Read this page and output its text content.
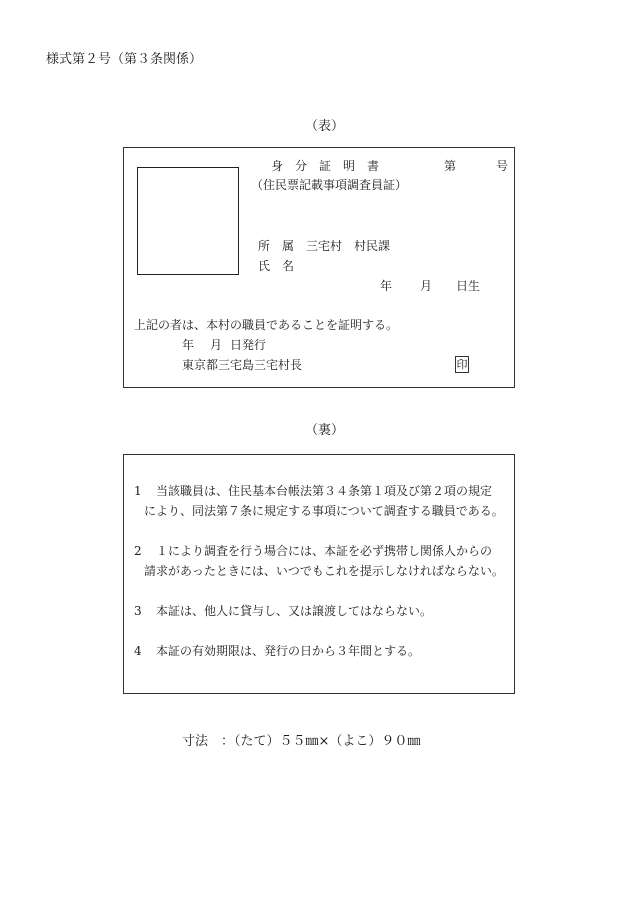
様式第２号（第３条関係）
（表）
身　分　証　明　書	第	号
（住民票記載事項調査員証）
所　属 三宅村　村民課
氏　名
年 月 日生
上記の者は、本村の職員であることを証明する。
年 月 日発行
東京都三宅島三宅村長	印
（裏）
1 当該職員は、住民基本台帳法第３４条第１項及び第２項の規定
により、同法第７条に規定する事項について調査する職員である。
2 １により調査を行う場合には、本証を必ず携帯し関係人からの
請求があったときには、いつでもこれを提示しなければならない。
3 本証は、他人に貸与し、又は譲渡してはならない。
4 本証の有効期限は、発行の日から３年間とする。
寸法　：（たて）５５㎜×（よこ）９０㎜
